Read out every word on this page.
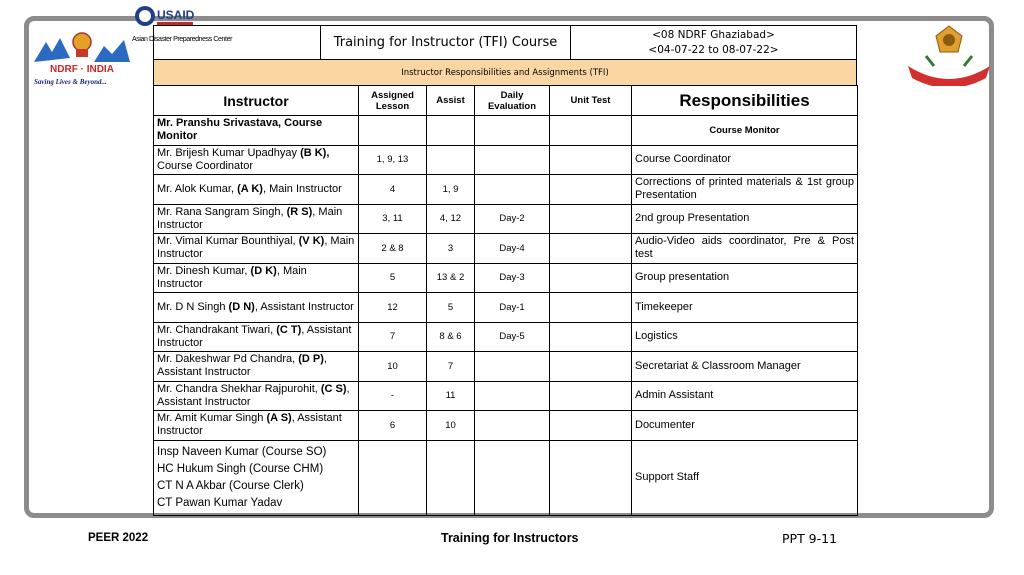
NDRF · INDIA
Saving Lives & Beyond...
USAID
Asian Disaster Preparedness Center
		Training for Instructor (TFI) Course	
<08 NDRF Ghaziabad>
<04-07-22 to 08-07-22>
Instructor Responsibilities and Assignments (TFI)
Instructor	Assigned Lesson	Assist	Daily Evaluation	Unit Test	Responsibilities
Mr. Pranshu Srivastava, Course Monitor					Course Monitor
Mr. Brijesh Kumar Upadhyay (B K), Course Coordinator	1, 9, 13				Course Coordinator
Mr. Alok Kumar, (A K), Main Instructor	4	1, 9			Corrections of printed materials & 1st group Presentation
Mr. Rana Sangram Singh, (R S), Main Instructor	3, 11	4, 12	Day-2		2nd group Presentation
Mr. Vimal Kumar Bounthiyal, (V K), Main Instructor	2 & 8	3	Day-4		Audio-Video aids coordinator, Pre & Post test
Mr. Dinesh Kumar, (D K), Main Instructor	5	13 & 2	Day-3		Group presentation
Mr. D N Singh (D N), Assistant Instructor	12	5	Day-1		Timekeeper
Mr. Chandrakant Tiwari, (C T), Assistant Instructor	7	8 & 6	Day-5		Logistics
Mr. Dakeshwar Pd Chandra, (D P), Assistant Instructor	10	7			Secretariat & Classroom Manager
Mr. Chandra Shekhar Rajpurohit, (C S), Assistant Instructor	-	11			Admin Assistant
Mr. Amit Kumar Singh (A S), Assistant Instructor	6	10			Documenter

Insp Naveen Kumar (Course SO)
HC Hukum Singh (Course CHM)
CT N A Akbar (Course Clerk)
CT Pawan Kumar Yadav					Support Staff
PEER 2022	Training for Instructors	PPT 9-11
